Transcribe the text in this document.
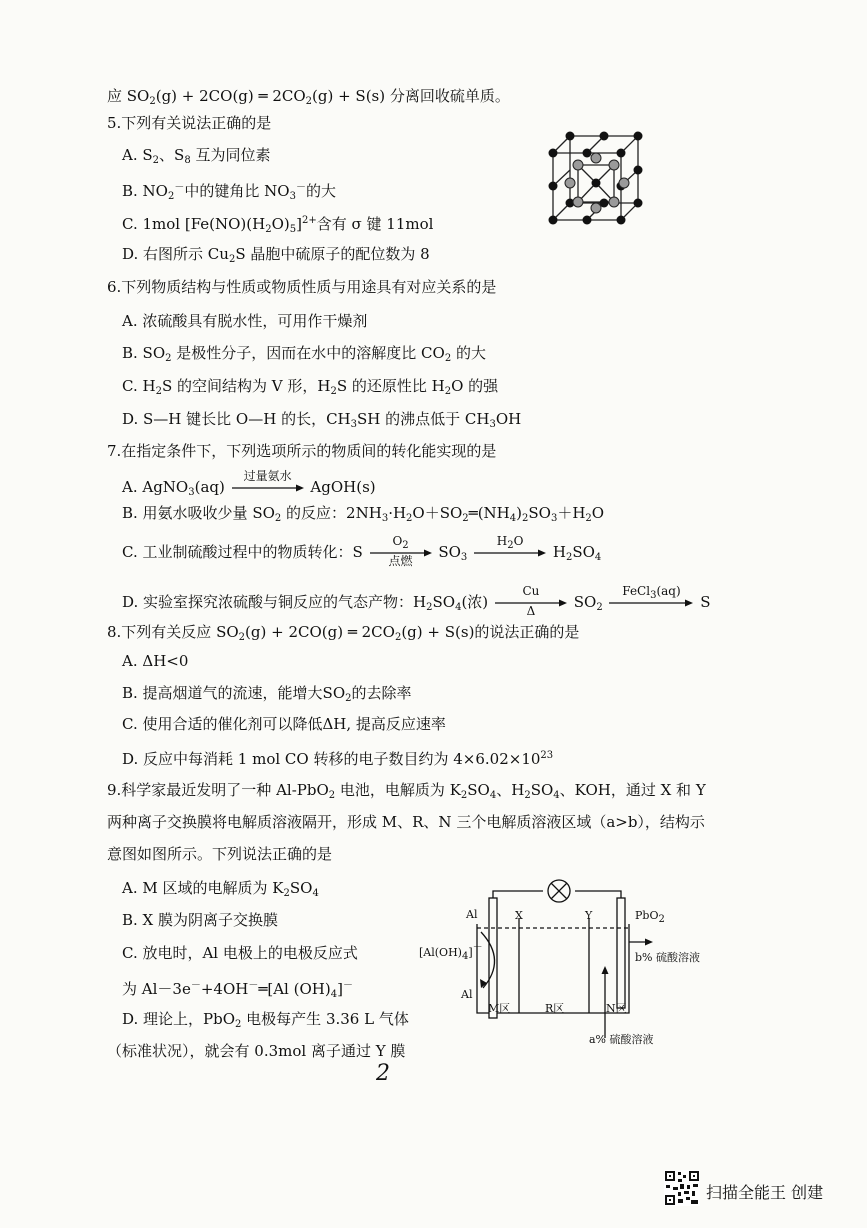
应 $SO_2(g) + 2CO(g)$ ═ $2CO_2(g) + S(s)$ 分离回收硫单质。
5.下列有关说法正确的是
A. $S_2$、$S_8$ 互为同位素
B. $NO_2^-$中的键角比 $NO_3^-$的大
C. 1mol $[Fe(NO)(H_2O)_5]^{2+}$含有 σ 键 11mol
D. 右图所示 $Cu_2S$ 晶胞中硫原子的配位数为 8
6.下列物质结构与性质或物质性质与用途具有对应关系的是
A. 浓硫酸具有脱水性，可用作干燥剂
B. $SO_2$ 是极性分子，因而在水中的溶解度比 $CO_2$ 的大
C. $H_2S$ 的空间结构为 V 形，$H_2S$ 的还原性比 $H_2O$ 的强
D. S—H 键长比 O—H 的长，$CH_3SH$ 的沸点低于 $CH_3OH$
7.在指定条件下，下列选项所示的物质间的转化能实现的是
A. AgNO$_3$(aq)
过量氨水
AgOH(s)
B. 用氨水吸收少量 $SO_2$ 的反应：$2NH_3\cdot H_2O+SO_2═(NH_4)_2SO_3+H_2O$
C. 工业制硫酸过程中的物质转化：S
$O_2$
点燃	$SO_3$
$H_2O$
$H_2SO_4$
D. 实验室探究浓硫酸与铜反应的气态产物：$H_2SO_4$(浓)
Cu
Δ	$SO_2$
FeCl$_3$(aq)
S
8.下列有关反应 $SO_2(g) + 2CO(g)$ ═ $2CO_2(g) + S(s)$的说法正确的是
A. ΔH<0
B. 提高烟道气的流速，能增大$SO_2$的去除率
C. 使用合适的催化剂可以降低ΔH, 提高反应速率
D. 反应中每消耗 1 mol CO 转移的电子数目约为 $4\times 6.02\times 10^{23}$
9.科学家最近发明了一种 Al-PbO$_2$ 电池，电解质为 $K_2SO_4$、$H_2SO_4$、KOH，通过 X 和 Y
两种离子交换膜将电解质溶液隔开，形成 M、R、N 三个电解质溶液区域（a>b），结构示
意图如图所示。下列说法正确的是
A. M 区域的电解质为 $K_2SO_4$
B. X 膜为阴离子交换膜
C. 放电时，Al 电极上的电极反应式
为 Al－3e－+4OH－═[Al $(OH)_4]^-$
D. 理论上，PbO$_2$ 电极每产生 3.36 L 气体
（标准状况），就会有 0.3mol 离子通过 Y 膜
Al
Al
$[Al(OH)_4]^-$
X	Y	PbO$_2$
M区	R区	N区
b% 硫酸溶液
a% 硫酸溶液
2
扫描全能王 创建
